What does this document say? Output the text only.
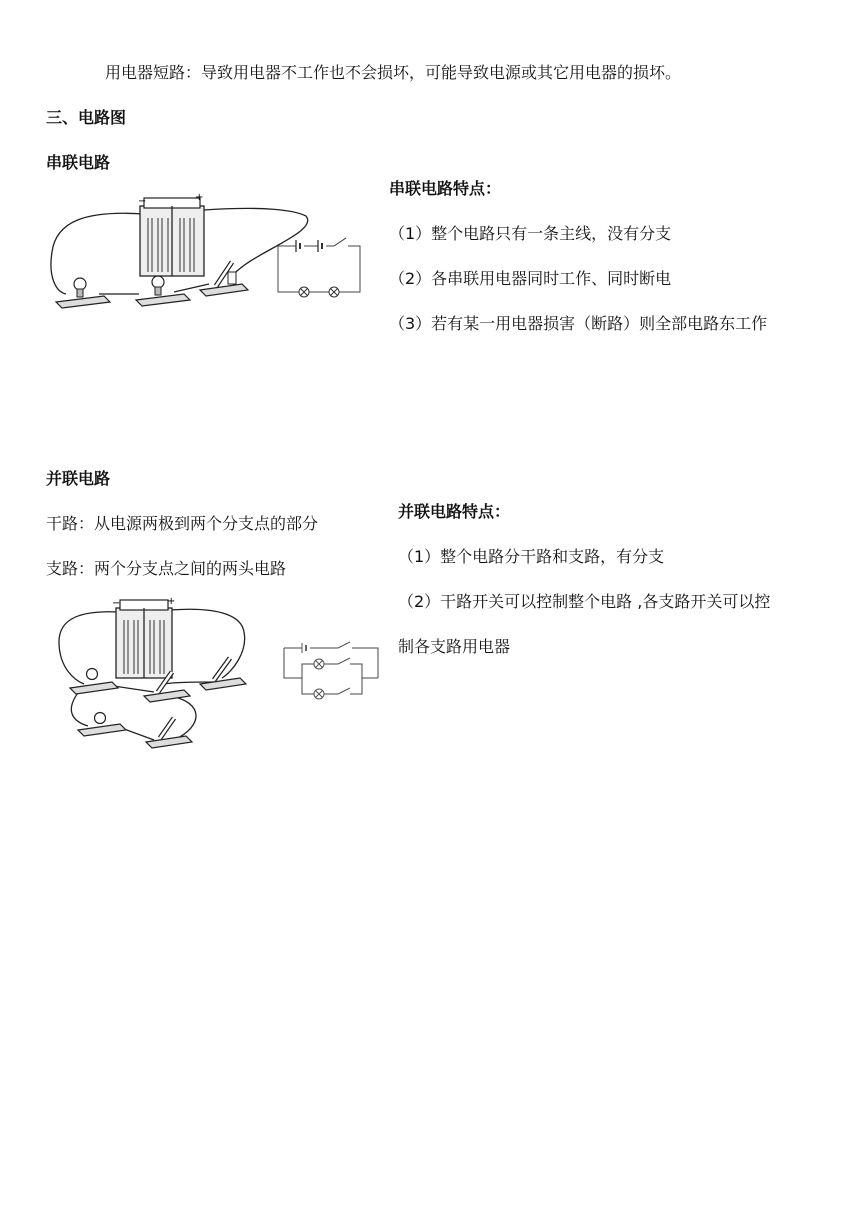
用电器短路：导致用电器不工作也不会损坏，可能导致电源或其它用电器的损坏。
三、电路图
串联电路
−	+	串联电路特点：
（1）整个电路只有一条主线，没有分支
（2）各串联用电器同时工作、同时断电
（3）若有某一用电器损害（断路）则全部电路东工作
并联电路
干路：从电源两极到两个分支点的部分
支路：两个分支点之间的两头电路
−	+
并联电路特点：
（1）整个电路分干路和支路，有分支
（2）干路开关可以控制整个电路 ,各支路开关可以控
制各支路用电器
